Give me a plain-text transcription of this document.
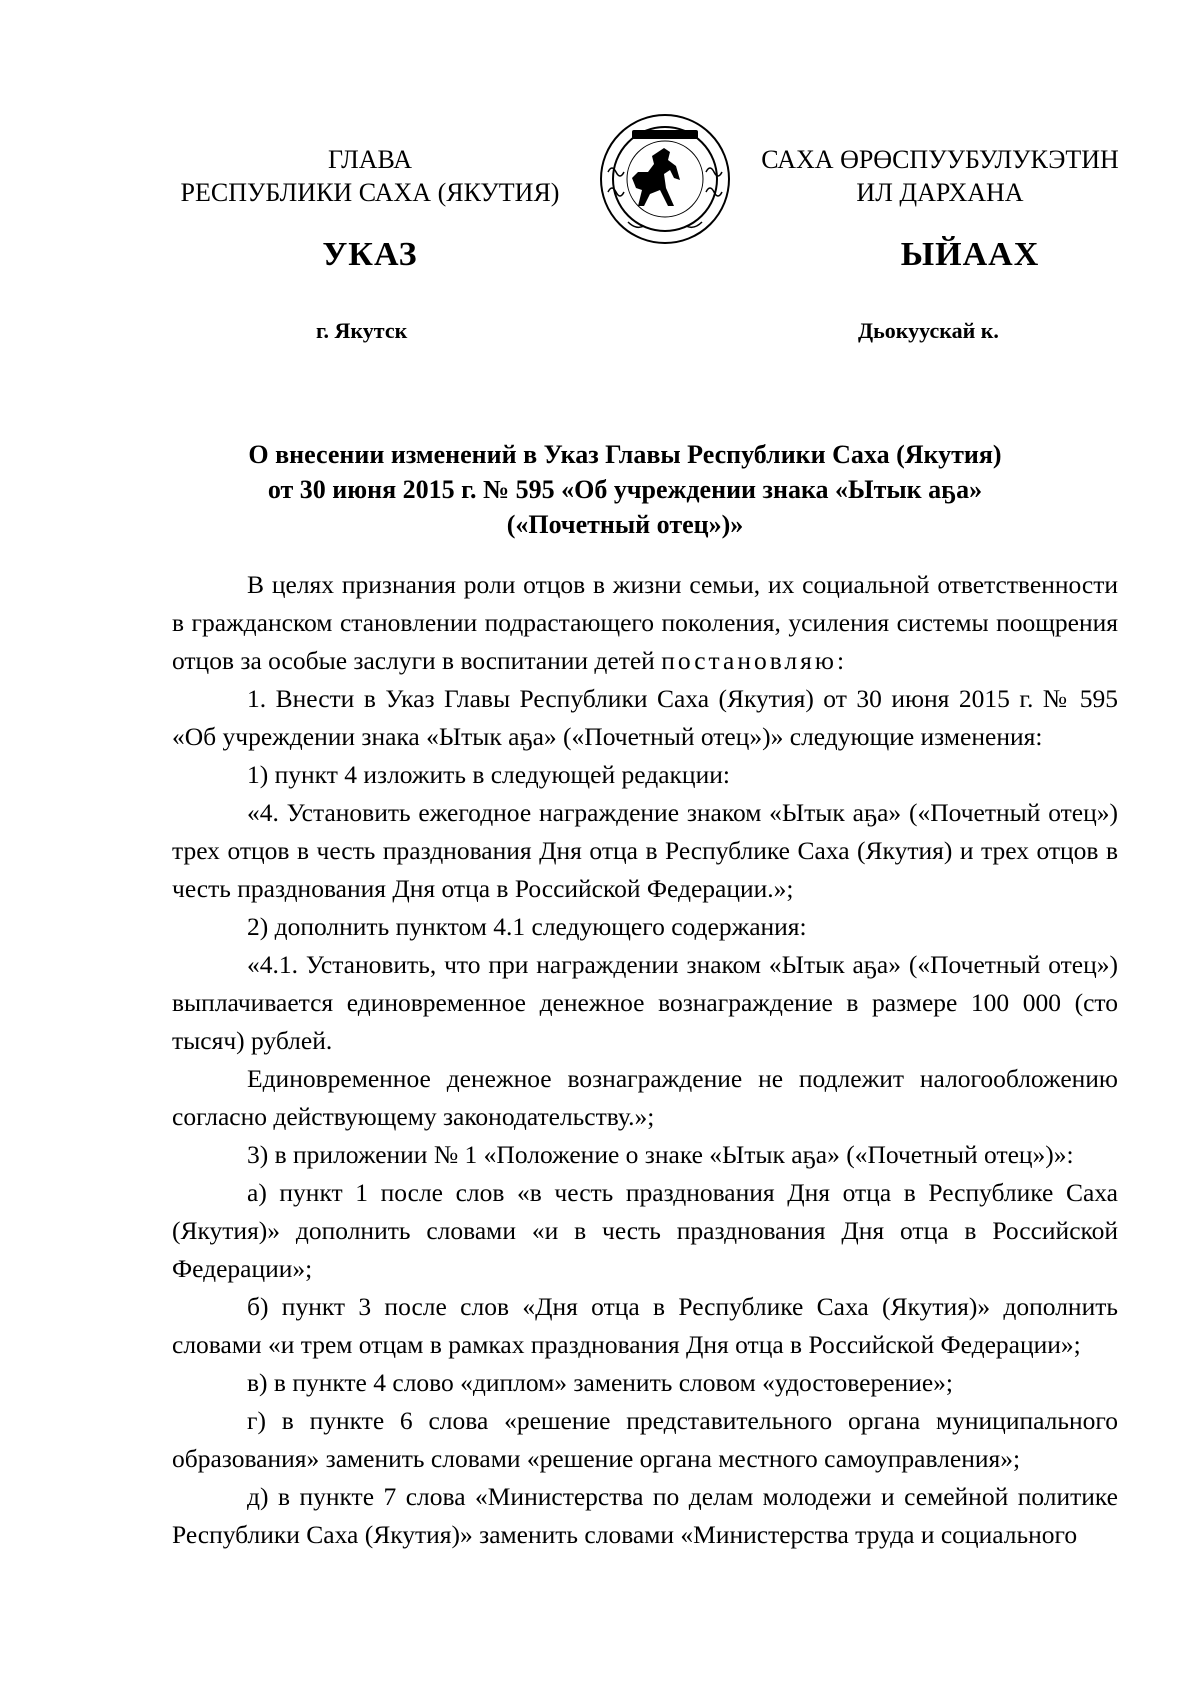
ГЛАВА
РЕСПУБЛИКИ САХА (ЯКУТИЯ)
САХА ӨРӨСПУУБУЛУКЭТИН
ИЛ ДАРХАНА
УКАЗ	ЫЙААХ
г. Якутск	Дьокуускай к.
О внесении изменений в Указ Главы Республики Саха (Якутия)
от 30 июня 2015 г. № 595 «Об учреждении знака «Ытык аҕа»
(«Почетный отец»)»

В целях признания роли отцов в жизни семьи, их социальной ответственности в гражданском становлении подрастающего поколения, усиления системы поощрения отцов за особые заслуги в воспитании детей постановляю:

1. Внести в Указ Главы Республики Саха (Якутия) от 30 июня 2015 г. № 595 «Об учреждении знака «Ытык аҕа» («Почетный отец»)» следующие изменения:

1) пункт 4 изложить в следующей редакции:

«4. Установить ежегодное награждение знаком «Ытык аҕа» («Почетный отец») трех отцов в честь празднования Дня отца в Республике Саха (Якутия) и трех отцов в честь празднования Дня отца в Российской Федерации.»;

2) дополнить пунктом 4.1 следующего содержания:

«4.1. Установить, что при награждении знаком «Ытык аҕа» («Почетный отец») выплачивается единовременное денежное вознаграждение в размере 100 000 (сто тысяч) рублей.

Единовременное денежное вознаграждение не подлежит налогообложению согласно действующему законодательству.»;

3) в приложении № 1 «Положение о знаке «Ытык аҕа» («Почетный отец»)»:

а) пункт 1 после слов «в честь празднования Дня отца в Республике Саха (Якутия)» дополнить словами «и в честь празднования Дня отца в Российской Федерации»;

б) пункт 3 после слов «Дня отца в Республике Саха (Якутия)» дополнить словами «и трем отцам в рамках празднования Дня отца в Российской Федерации»;

в) в пункте 4 слово «диплом» заменить словом «удостоверение»;

г) в пункте 6 слова «решение представительного органа муниципального образования» заменить словами «решение органа местного самоуправления»;

д) в пункте 7 слова «Министерства по делам молодежи и семейной политике Республики Саха (Якутия)» заменить словами «Министерства труда и социального
